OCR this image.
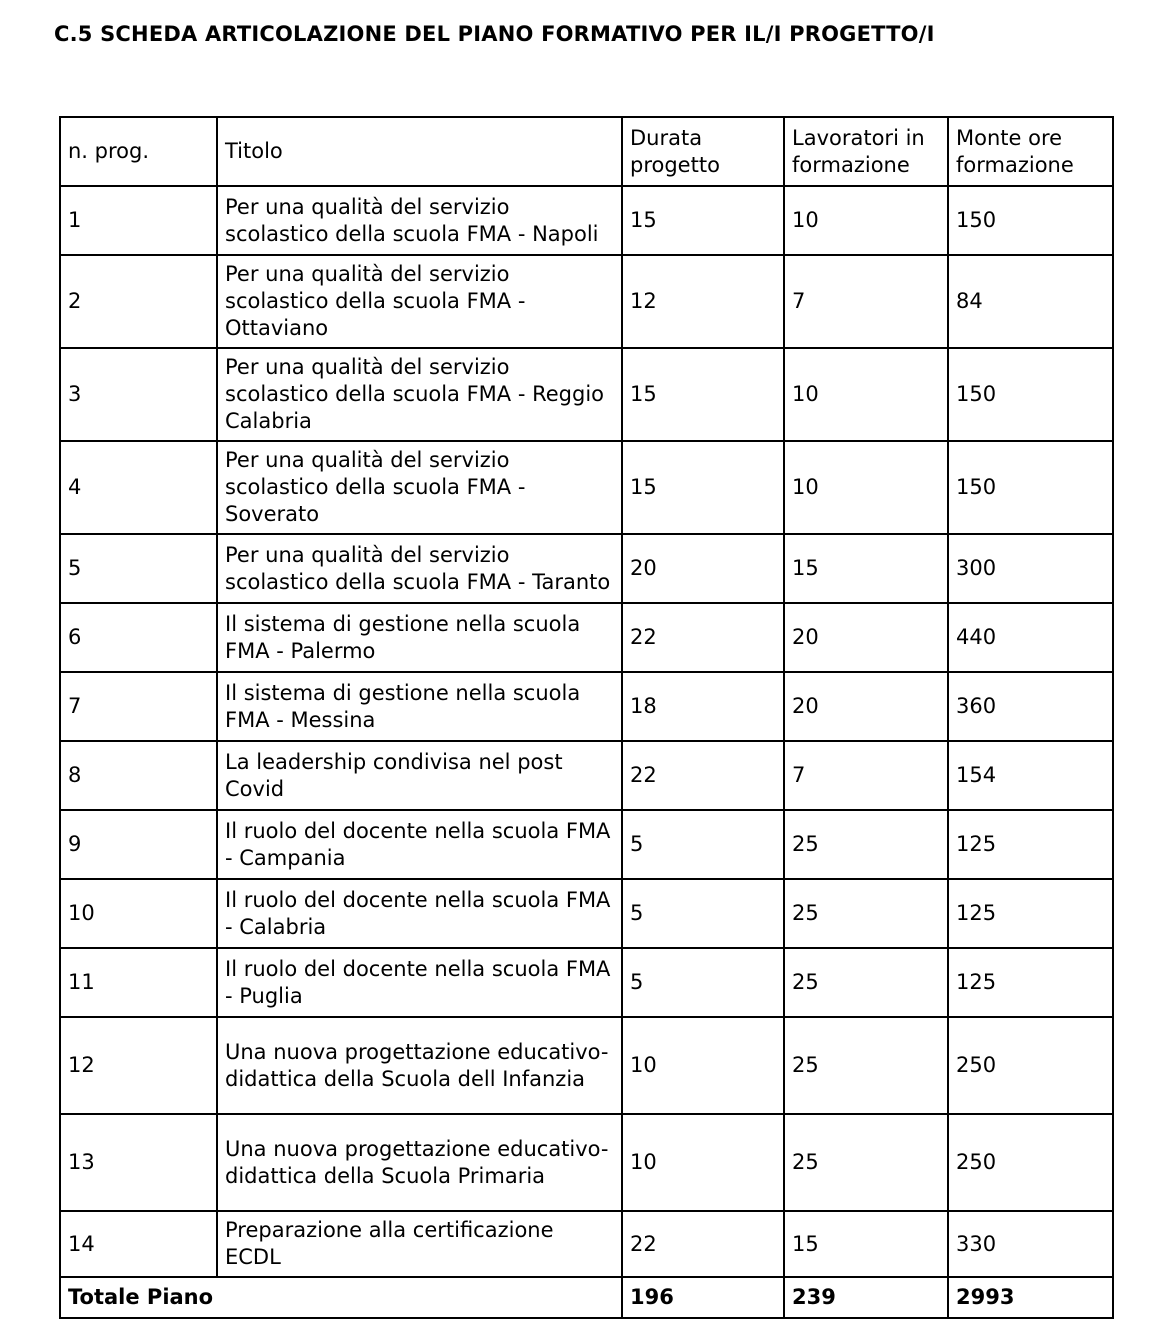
C.5 SCHEDA ARTICOLAZIONE DEL PIANO FORMATIVO PER IL/I PROGETTO/I
n. prog.	Titolo	Durata progetto	Lavoratori in formazione	Monte ore formazione
1	Per una qualità del servizio scolastico della scuola FMA - Napoli	15	10	150
2	Per una qualità del servizio scolastico della scuola FMA - Ottaviano	12	7	84
3	Per una qualità del servizio scolastico della scuola FMA - Reggio Calabria	15	10	150
4	Per una qualità del servizio scolastico della scuola FMA - Soverato	15	10	150
5	Per una qualità del servizio scolastico della scuola FMA - Taranto	20	15	300
6	Il sistema di gestione nella scuola FMA - Palermo	22	20	440
7	Il sistema di gestione nella scuola FMA - Messina	18	20	360
8	La leadership condivisa nel post Covid	22	7	154
9	Il ruolo del docente nella scuola FMA - Campania	5	25	125
10	Il ruolo del docente nella scuola FMA - Calabria	5	25	125
11	Il ruolo del docente nella scuola FMA - Puglia	5	25	125
12	Una nuova progettazione educativo-didattica della Scuola dell Infanzia	10	25	250
13	Una nuova progettazione educativo-didattica della Scuola Primaria	10	25	250
14	Preparazione alla certificazione ECDL	22	15	330
Totale Piano		196	239	2993
